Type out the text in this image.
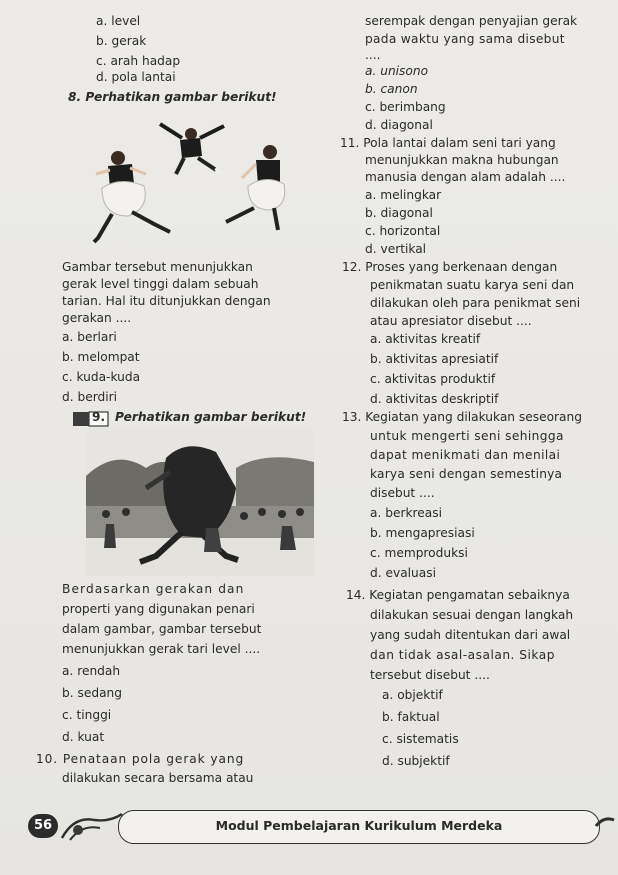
a. level
b. gerak
c. arah hadap
d. pola lantai
8. Perhatikan gambar berikut!
Gambar tersebut menunjukkan
gerak level tinggi dalam sebuah
tarian. Hal itu ditunjukkan dengan
gerakan ....
a. berlari
b. melompat
c. kuda-kuda
d. berdiri
9. Perhatikan gambar berikut!
Berdasarkan gerakan dan
properti yang digunakan penari
dalam gambar, gambar tersebut
menunjukkan gerak tari level ....
a. rendah
b. sedang
c. tinggi
d. kuat
10. Penataan pola gerak yang
dilakukan secara bersama atau
serempak dengan penyajian gerak
pada waktu yang sama disebut
....
a. unisono
b. canon
c. berimbang
d. diagonal
11. Pola lantai dalam seni tari yang
menunjukkan makna hubungan
manusia dengan alam adalah ....
a. melingkar
b. diagonal
c. horizontal
d. vertikal
12. Proses yang berkenaan dengan
penikmatan suatu karya seni dan
dilakukan oleh para penikmat seni
atau apresiator disebut ....
a. aktivitas kreatif
b. aktivitas apresiatif
c. aktivitas produktif
d. aktivitas deskriptif
13. Kegiatan yang dilakukan seseorang
untuk mengerti seni sehingga
dapat menikmati dan menilai
karya seni dengan semestinya
disebut ....
a. berkreasi
b. mengapresiasi
c. memproduksi
d. evaluasi
14. Kegiatan pengamatan sebaiknya
dilakukan sesuai dengan langkah
yang sudah ditentukan dari awal
dan tidak asal-asalan. Sikap
tersebut disebut ....
a. objektif
b. faktual
c. sistematis
d. subjektif
Modul Pembelajaran Kurikulum Merdeka
56
